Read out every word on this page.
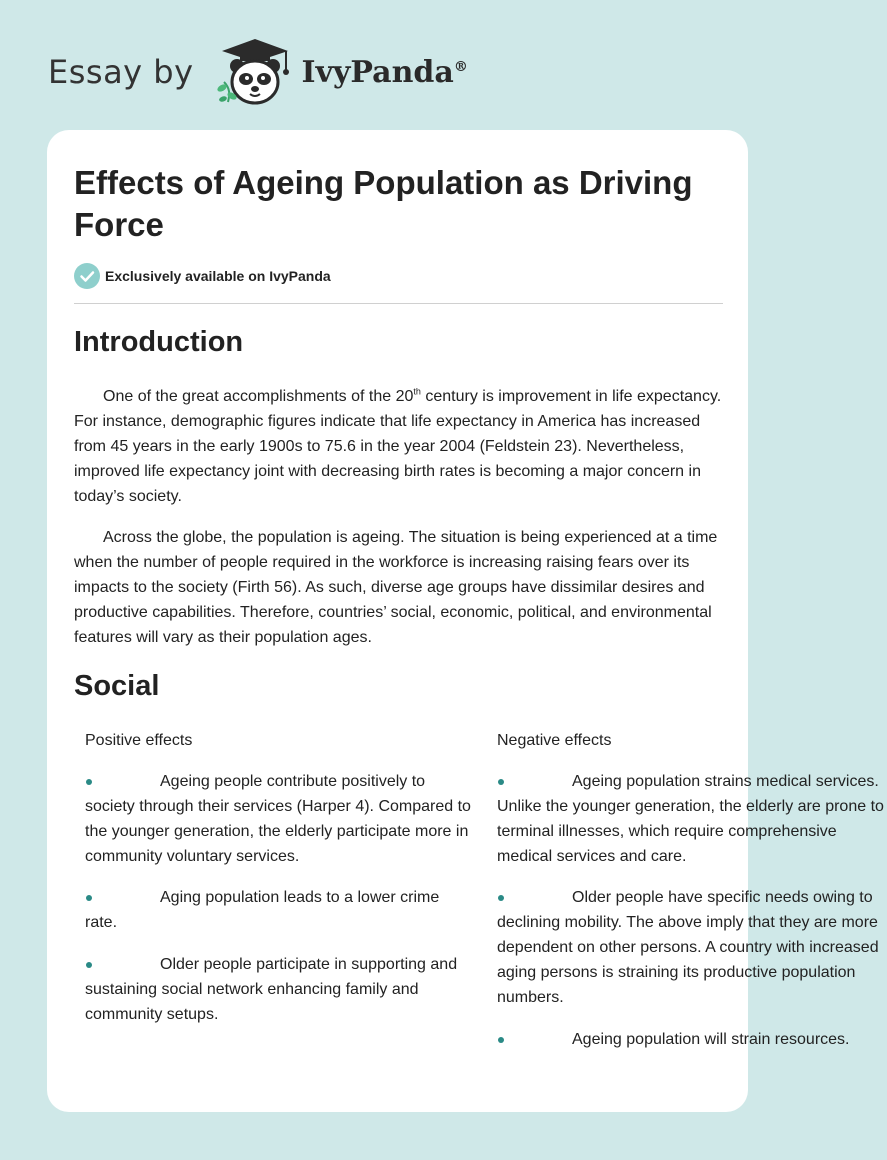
Essay by	IvyPanda®
Effects of Ageing Population as Driving Force
Exclusively available on IvyPanda
Introduction

One of the great accomplishments of the 20th century is improvement in life expectancy. For instance, demographic figures indicate that life expectancy in America has increased from 45 years in the early 1900s to 75.6 in the year 2004 (Feldstein 23). Nevertheless, improved life expectancy joint with decreasing birth rates is becoming a major concern in today’s society.

Across the globe, the population is ageing. The situation is being experienced at a time when the number of people required in the workforce is increasing raising fears over its impacts to the society (Firth 56). As such, diverse age groups have dissimilar desires and productive capabilities. Therefore, countries’ social, economic, political, and environmental features will vary as their population ages.

Social

Positive effects

Ageing people contribute positively to society through their services (Harper 4). Compared to the younger generation, the elderly participate more in community voluntary services.

Aging population leads to a lower crime rate.

Older people participate in supporting and sustaining social network enhancing family and community setups.

Negative effects

Ageing population strains medical services. Unlike the younger generation, the elderly are prone to terminal illnesses, which require comprehensive medical services and care.

Older people have specific needs owing to declining mobility. The above imply that they are more dependent on other persons. A country with increased aging persons is straining its productive population numbers.

Ageing population will strain resources.
